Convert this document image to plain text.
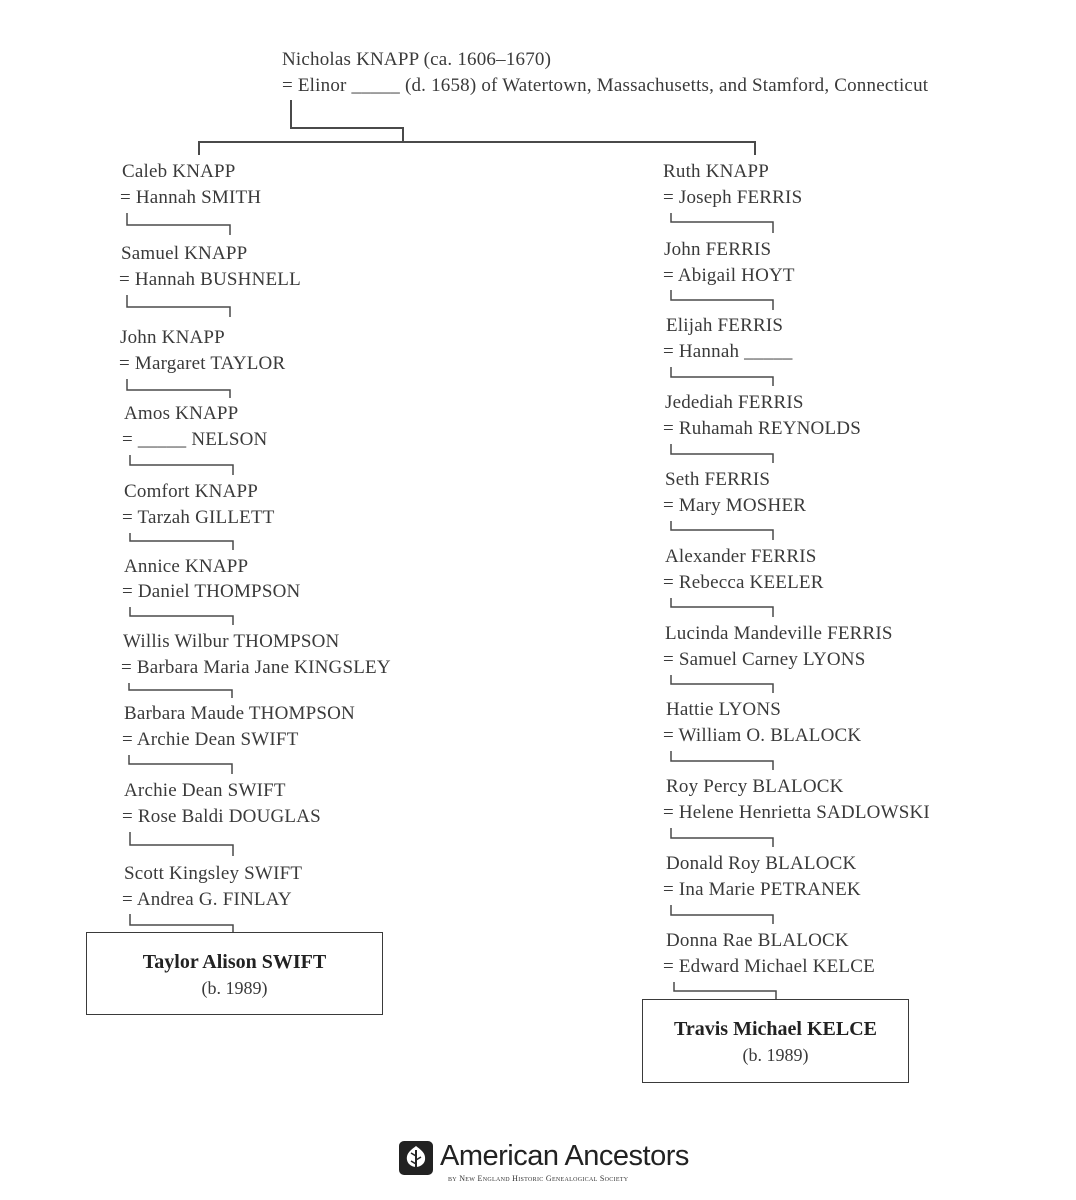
Nicholas KNAPP (ca. 1606–1670)
= Elinor _____ (d. 1658) of Watertown, Massachusetts, and Stamford, Connecticut
Caleb KNAPP
= Hannah SMITH
Samuel KNAPP
= Hannah BUSHNELL
John KNAPP
= Margaret TAYLOR
Amos KNAPP
= _____ NELSON
Comfort KNAPP
= Tarzah GILLETT
Annice KNAPP
= Daniel THOMPSON
Willis Wilbur THOMPSON
= Barbara Maria Jane KINGSLEY
Barbara Maude THOMPSON
= Archie Dean SWIFT
Archie Dean SWIFT
= Rose Baldi DOUGLAS
Scott Kingsley SWIFT
= Andrea G. FINLAY
Ruth KNAPP
= Joseph FERRIS
John FERRIS
= Abigail HOYT
Elijah FERRIS
= Hannah _____
Jedediah FERRIS
= Ruhamah REYNOLDS
Seth FERRIS
= Mary MOSHER
Alexander FERRIS
= Rebecca KEELER
Lucinda Mandeville FERRIS
= Samuel Carney LYONS
Hattie LYONS
= William O. BLALOCK
Roy Percy BLALOCK
= Helene Henrietta SADLOWSKI
Donald Roy BLALOCK
= Ina Marie PETRANEK
Donna Rae BLALOCK
= Edward Michael KELCE
Taylor Alison SWIFT
(b. 1989)
Travis Michael KELCE
(b. 1989)
American Ancestors
by New England Historic Genealogical Society
